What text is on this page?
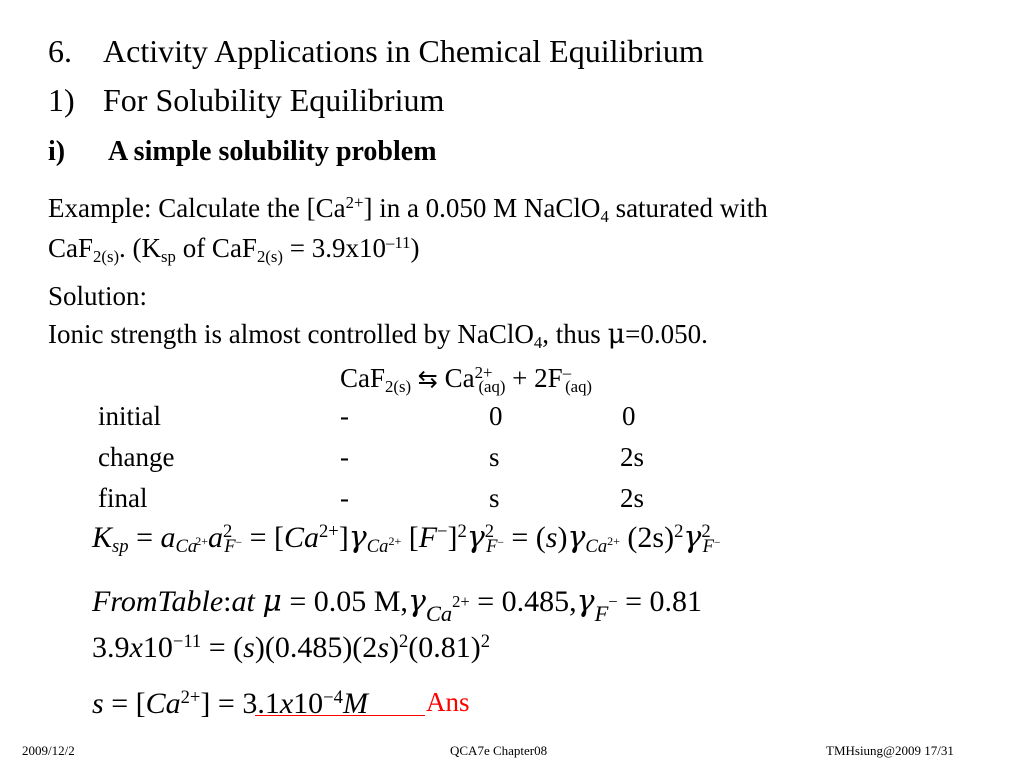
6. Activity Applications in Chemical Equilibrium
1) For Solubility Equilibrium
i) A simple solubility problem
Example: Calculate the $[Ca^{2+}]$ in a 0.050 M NaClO$_4$ saturated with
CaF$_{2(s)}$. ($K_{sp}$ of $CaF_{2(s)} = 3.9x10^{-11}$)
Solution:
Ionic strength is almost controlled by NaClO$_4$, thus μ=0.050.
CaF$_{2(s)}$ ⇆ $Ca^{2+}_{(aq)} + 2F^-_{(aq)}$
initial	-	0	0
change	-	s	2s
final	-	s	2s
$K_{sp} = a_{Ca}^{2+}a^2_F^- = [Ca^{2+}]\gamma_{Ca}^{2+}$ $[F^-]^2\gamma^2_F^- = (s)\gamma_{Ca}^{2+}$ $(2s)^2\gamma^2_F^-$
FromTable:at μ = 0.05 $M,\gamma_{Ca}^{2+} = 0.485,\gamma_F^- = 0.81$
$3.9x10^{-11} = (s)(0.485)(2s)^2(0.81)^2$
$s = [Ca^{2+}] = 3.1x10^{-4}M$ Ans
2009/12/2	QCA7e Chapter08	TMHsiung@2009 17/31
